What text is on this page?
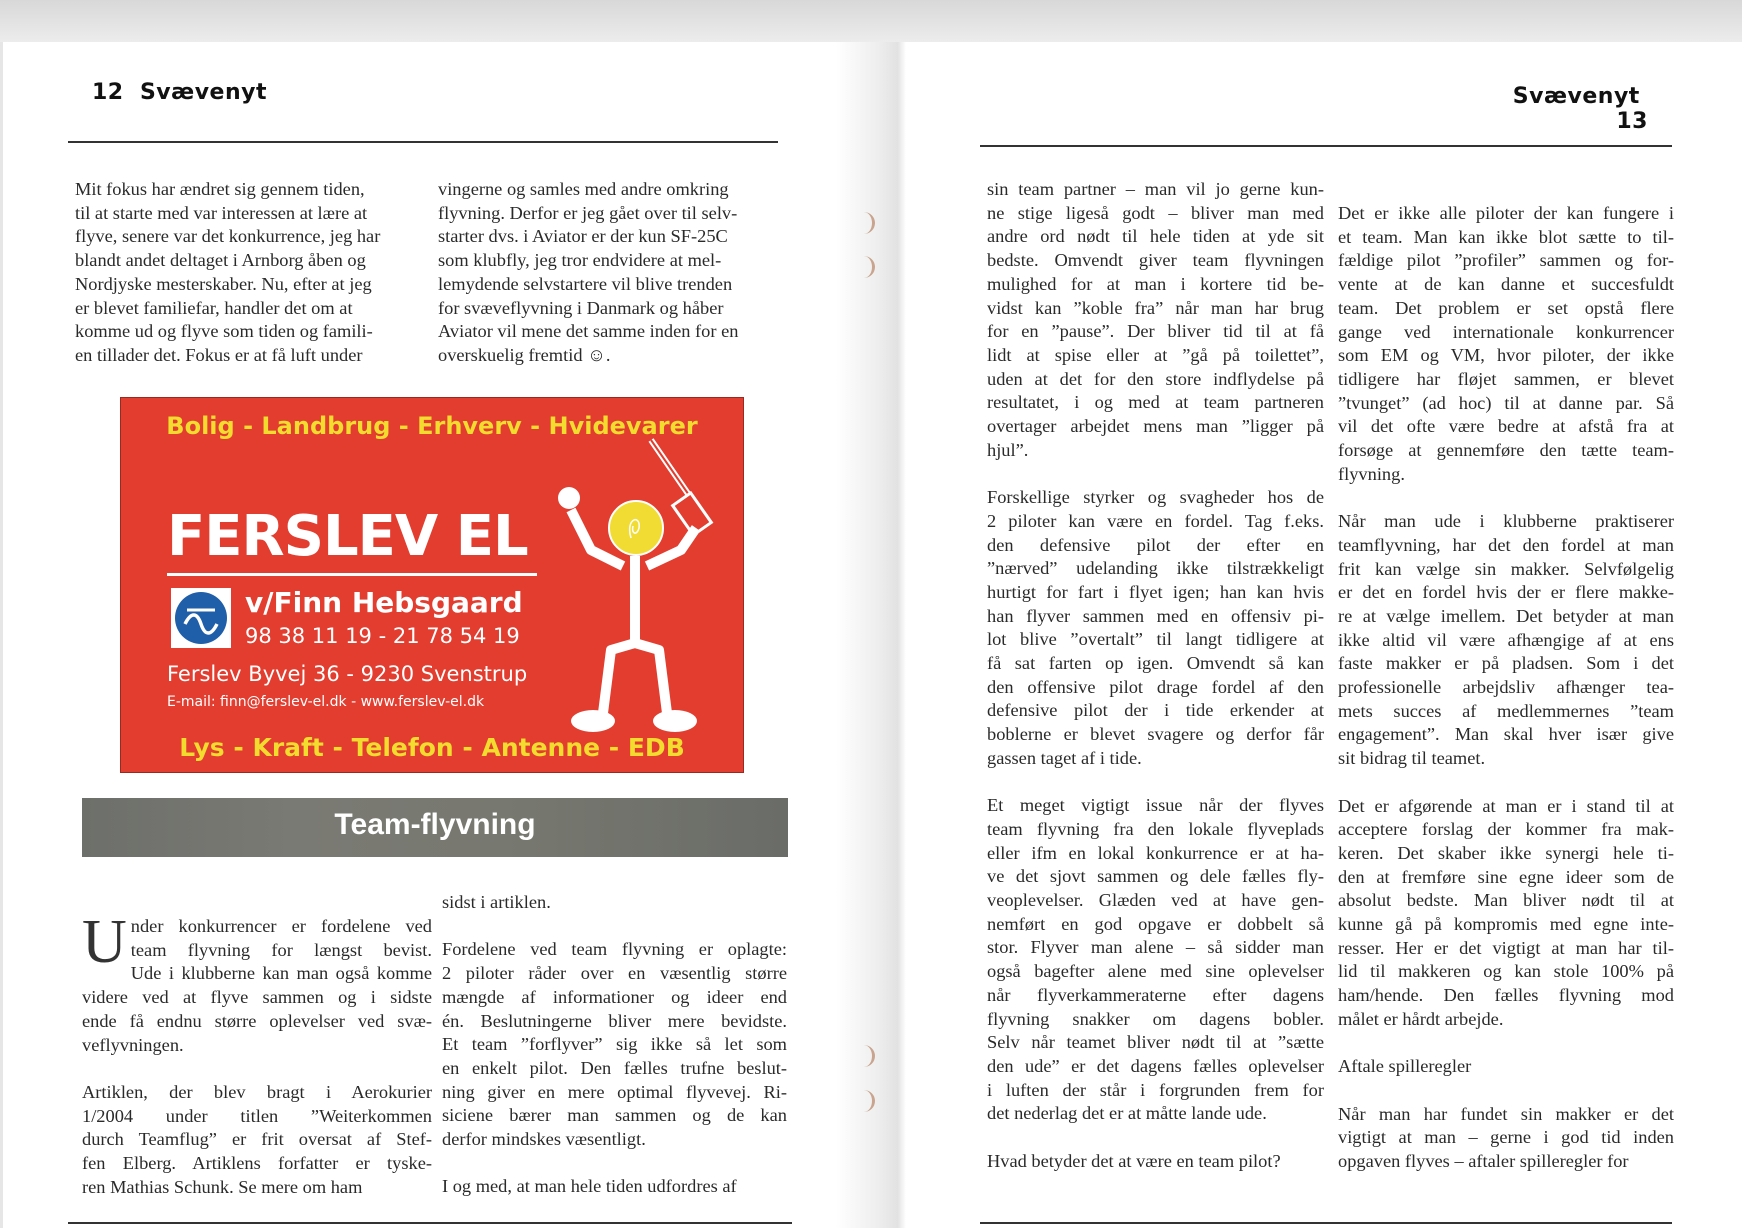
12 Svævenyt	Svævenyt  13
Mit fokus har ændret sig gennem tiden,
til at starte med var interessen at lære at
flyve, senere var det konkurrence, jeg har
blandt andet deltaget i Arnborg åben og
Nordjyske mesterskaber. Nu, efter at jeg
er blevet familiefar, handler det om at
komme ud og flyve som tiden og famili-
en tillader det. Fokus er at få luft under
vingerne og samles med andre omkring
flyvning. Derfor er jeg gået over til selv-
starter dvs. i Aviator er der kun SF-25C
som klubfly, jeg tror endvidere at mel-
lemydende selvstartere vil blive trenden
for svæveflyvning i Danmark og håber
Aviator vil mene det samme inden for en
overskuelig fremtid ☺.
Bolig - Landbrug - Erhverv - Hvidevarer
FERSLEV EL
v/Finn Hebsgaard
98 38 11 19 - 21 78 54 19
Ferslev Byvej 36 - 9230 Svenstrup
E-mail: finn@ferslev-el.dk - www.ferslev-el.dk
Lys - Kraft - Telefon - Antenne - EDB
Team-flyvning
U nder konkurrencer er fordelene ved
team flyvning for længst bevist.
Ude i klubberne kan man også komme
videre ved at flyve sammen og i sidste
ende få endnu større oplevelser ved svæ-
veflyvningen.
Artiklen, der blev bragt i Aerokurier
1/2004 under titlen ”Weiterkommen
durch Teamflug” er frit oversat af Stef-
fen Elberg. Artiklens forfatter er tyske-
ren Mathias Schunk. Se mere om ham
sidst i artiklen.
Fordelene ved team flyvning er oplagte:
2 piloter råder over en væsentlig større
mængde af informationer og ideer end
én. Beslutningerne bliver mere bevidste.
Et team ”forflyver” sig ikke så let som
en enkelt pilot. Den fælles trufne beslut-
ning giver en mere optimal flyvevej. Ri-
siciene bærer man sammen og de kan
derfor mindskes væsentligt.
I og med, at man hele tiden udfordres af
sin team partner – man vil jo gerne kun-
ne stige ligeså godt – bliver man med
andre ord nødt til hele tiden at yde sit
bedste. Omvendt giver team flyvningen
mulighed for at man i kortere tid be-
vidst kan ”koble fra” når man har brug
for en ”pause”. Der bliver tid til at få
lidt at spise eller at ”gå på toilettet”,
uden at det for den store indflydelse på
resultatet, i og med at team partneren
overtager arbejdet mens man ”ligger på
hjul”.
Forskellige styrker og svagheder hos de
2 piloter kan være en fordel. Tag f.eks.
den defensive pilot der efter en
”nærved” udelanding ikke tilstrækkeligt
hurtigt for fart i flyet igen; han kan hvis
han flyver sammen med en offensiv pi-
lot blive ”overtalt” til langt tidligere at
få sat farten op igen. Omvendt så kan
den offensive pilot drage fordel af den
defensive pilot der i tide erkender at
boblerne er blevet svagere og derfor får
gassen taget af i tide.
Et meget vigtigt issue når der flyves
team flyvning fra den lokale flyveplads
eller ifm en lokal konkurrence er at ha-
ve det sjovt sammen og dele fælles fly-
veoplevelser. Glæden ved at have gen-
nemført en god opgave er dobbelt så
stor. Flyver man alene – så sidder man
også bagefter alene med sine oplevelser
når flyverkammeraterne efter dagens
flyvning snakker om dagens bobler.
Selv når teamet bliver nødt til at ”sætte
den ude” er det dagens fælles oplevelser
i luften der står i forgrunden frem for
det nederlag det er at måtte lande ude.
Hvad betyder det at være en team pilot?
Det er ikke alle piloter der kan fungere i
et team. Man kan ikke blot sætte to til-
fældige pilot ”profiler” sammen og for-
vente at de kan danne et succesfuldt
team. Det problem er set opstå flere
gange ved internationale konkurrencer
som EM og VM, hvor piloter, der ikke
tidligere har fløjet sammen, er blevet
”tvunget” (ad hoc) til at danne par. Så
vil det ofte være bedre at afstå fra at
forsøge at gennemføre den tætte team-
flyvning.
Når man ude i klubberne praktiserer
teamflyvning, har det den fordel at man
frit kan vælge sin makker. Selvfølgelig
er det en fordel hvis der er flere makke-
re at vælge imellem. Det betyder at man
ikke altid vil være afhængige af at ens
faste makker er på pladsen. Som i det
professionelle arbejdsliv afhænger tea-
mets succes af medlemmernes ”team
engagement”. Man skal hver især give
sit bidrag til teamet.
Det er afgørende at man er i stand til at
acceptere forslag der kommer fra mak-
keren. Det skaber ikke synergi hele ti-
den at fremføre sine egne ideer som de
absolut bedste. Man bliver nødt til at
kunne gå på kompromis med egne inte-
resser. Her er det vigtigt at man har til-
lid til makkeren og kan stole 100% på
ham/hende. Den fælles flyvning mod
målet er hårdt arbejde.
Aftale spilleregler
Når man har fundet sin makker er det
vigtigt at man – gerne i god tid inden
opgaven flyves – aftaler spilleregler for
